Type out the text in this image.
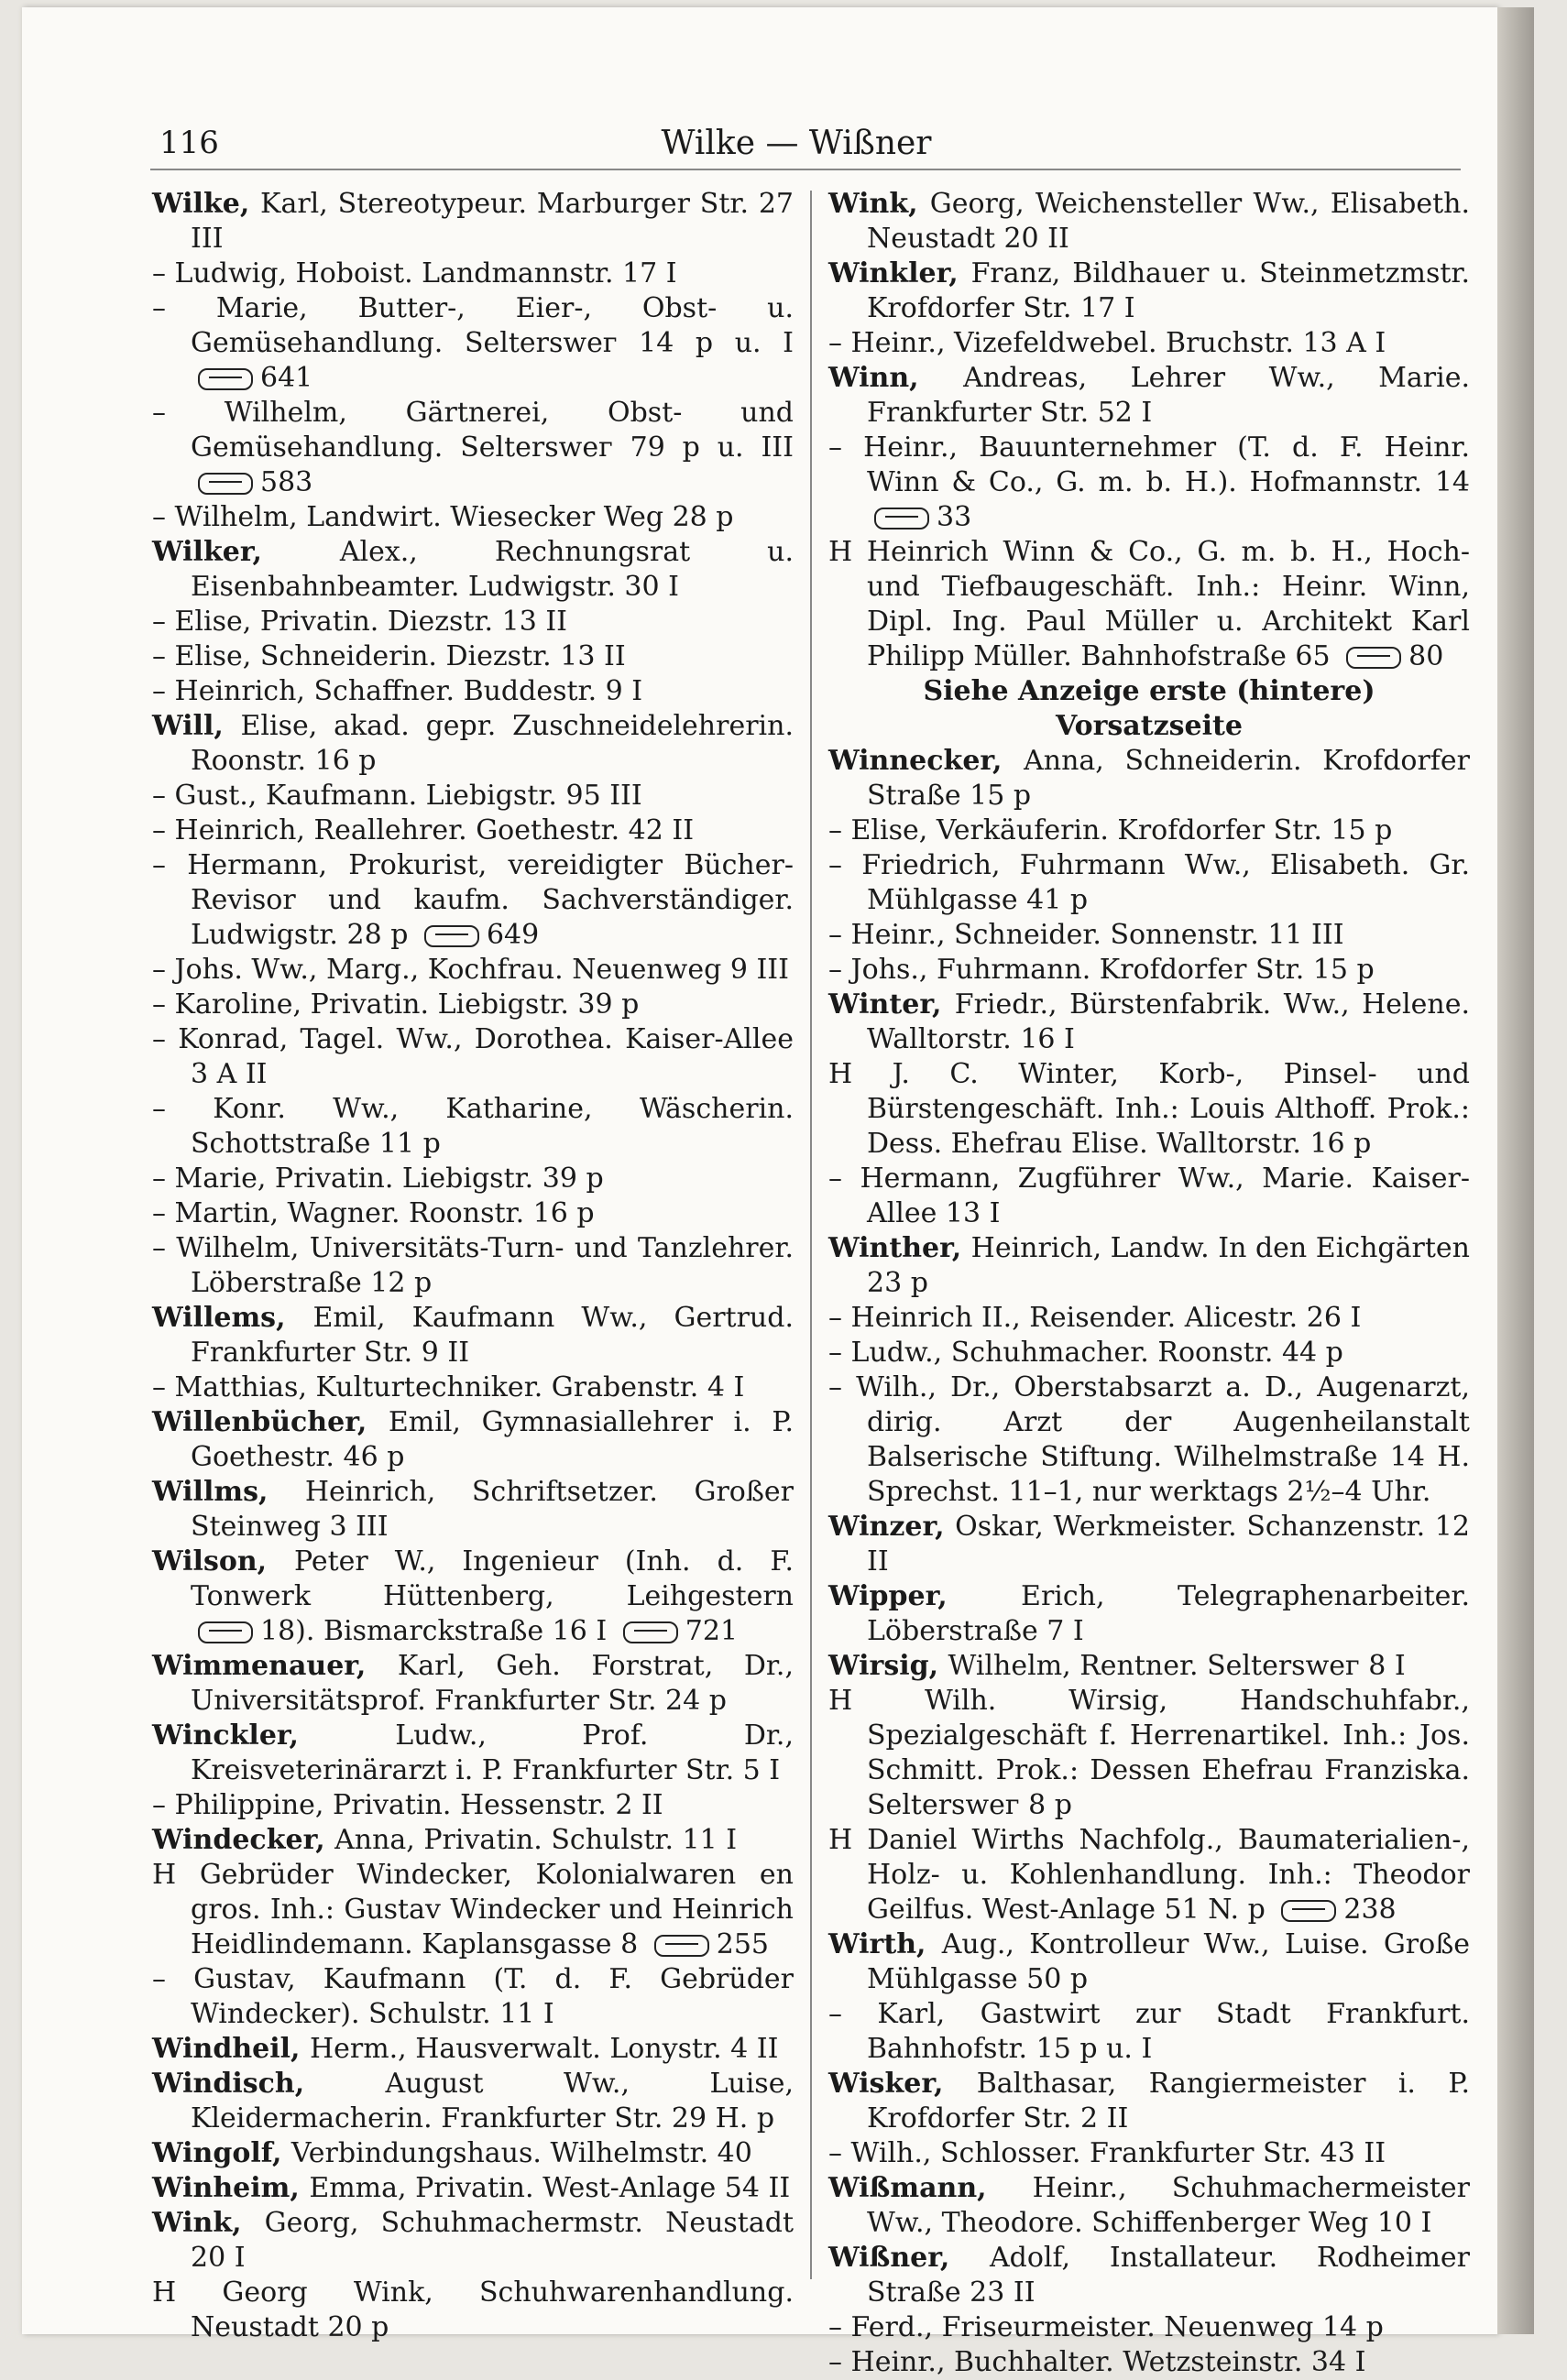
116	Wilke — Wißner

Wilke, Karl, Stereotypeur. Marburger Str. 27 III

– Ludwig, Hoboist. Landmannstr. 17 I

– Marie, Butter-, Eier-, Obst- u. Gemüsehandlung. Selterswег 14 p u. I 641

– Wilhelm, Gärtnerei, Obst- und Gemüsehandlung. Selterswег 79 p u. III 583

– Wilhelm, Landwirt. Wieseckеr Weg 28 p

Wilker, Alex., Rechnungsrat u. Eisenbahnbeamter. Ludwigstr. 30 I

– Elise, Privatin. Diezstr. 13 II

– Elise, Schneiderin. Diezstr. 13 II

– Heinrich, Schaffner. Buddestr. 9 I

Will, Elise, akad. gepr. Zuschneidelehrerin. Roonstr. 16 p

– Gust., Kaufmann. Liebigstr. 95 III

– Heinrich, Reallehrer. Goethestr. 42 II

– Hermann, Prokurist, vereidigter Bücher-Revisor und kaufm. Sachverständiger. Ludwigstr. 28 p	649

– Johs. Ww., Marg., Kochfrau. Neuenweg 9 III

– Karoline, Privatin. Liebigstr. 39 p

– Konrad, Tagel. Ww., Dorothea. Kaiser-Allee 3 A II

– Konr. Ww., Katharine, Wäscherin. Schottstraße 11 p

– Marie, Privatin. Liebigstr. 39 p

– Martin, Wagner. Roonstr. 16 p

– Wilhelm, Universitäts-Turn- und Tanzlehrer. Löberstraße 12 p

Willems, Emil, Kaufmann Ww., Gertrud. Frankfurter Str. 9 II

– Matthias, Kulturtechniker. Grabenstr. 4 I

Willenbücher, Emil, Gymnasiallehrer i. P. Goethestr. 46 p

Willms, Heinrich, Schriftsetzer. Großer Steinweg 3 III

Wilson, Peter W., Ingenieur (Inh. d. F. Tonwerk Hüttenberg, Leihgestern 18). Bismarckstraße 16 I	721

Wimmenauer, Karl, Geh. Forstrat, Dr., Universitätsprof. Frankfurter Str. 24 p

Winckler, Ludw., Prof. Dr., Kreisveterinärarzt i. P. Frankfurter Str. 5 I

– Philippine, Privatin. Hessenstr. 2 II

Windecker, Anna, Privatin. Schulstr. 11 I

H Gebrüder Windecker, Kolonialwaren en gros. Inh.: Gustav Windecker und Heinrich Heidlindemann. Kaplansgasse 8	255

– Gustav, Kaufmann (T. d. F. Gebrüder Windecker). Schulstr. 11 I

Windheil, Herm., Hausverwalt. Lonystr. 4 II

Windisch, August Ww., Luise, Kleidermacherin. Frankfurter Str. 29 H. p

Wingolf, Verbindungshaus. Wilhelmstr. 40

Winheim, Emma, Privatin. West-Anlage 54 II

Wink, Georg, Schuhmachermstr. Neustadt 20 I

H Georg Wink, Schuhwarenhandlung. Neustadt 20 p

Wink, Georg, Weichensteller Ww., Elisabeth. Neustadt 20 II

Winkler, Franz, Bildhauer u. Steinmetzmstr. Krofdorfer Str. 17 I

– Heinr., Vizefeldwebel. Bruchstr. 13 A I

Winn, Andreas, Lehrer Ww., Marie. Frankfurter Str. 52 I

– Heinr., Bauunternehmer (T. d. F. Heinr. Winn & Co., G. m. b. H.). Hofmannstr. 14 33

H Heinrich Winn & Co., G. m. b. H., Hoch- und Tiefbaugeschäft. Inh.: Heinr. Winn, Dipl. Ing. Paul Müller u. Architekt Karl Philipp Müller. Bahnhofstraße 65	80

Siehe Anzeige erste (hintere) Vorsatzseite

Winnecker, Anna, Schneiderin. Krofdorfer Straße 15 p

– Elise, Verkäuferin. Krofdorfer Str. 15 p

– Friedrich, Fuhrmann Ww., Elisabeth. Gr. Mühlgasse 41 p

– Heinr., Schneider. Sonnenstr. 11 III

– Johs., Fuhrmann. Krofdorfer Str. 15 p

Winter, Friedr., Bürstenfabrik. Ww., Helene. Walltorstr. 16 I

H J. C. Winter, Korb-, Pinsel- und Bürstengeschäft. Inh.: Louis Althoff. Prok.: Dess. Ehefrau Elise. Walltorstr. 16 p

– Hermann, Zugführer Ww., Marie. Kaiser-Allee 13 I

Winther, Heinrich, Landw. In den Eichgärten 23 p

– Heinrich II., Reisender. Alicestr. 26 I

– Ludw., Schuhmacher. Roonstr. 44 p

– Wilh., Dr., Oberstabsarzt a. D., Augenarzt, dirig. Arzt der Augenheilanstalt Balserische Stiftung. Wilhelmstraße 14 H. Sprechst. 11–1, nur werktags 2½–4 Uhr.

Winzer, Oskar, Werkmeister. Schanzenstr. 12 II

Wipper, Erich, Telegraphenarbeiter. Löberstraße 7 I

Wirsig, Wilhelm, Rentner. Selterswег 8 I

H Wilh. Wirsig, Handschuhfabr., Spezialgeschäft f. Herrenartikel. Inh.: Jos. Schmitt. Prok.: Dessen Ehefrau Franziska. Selterswег 8 p

H Daniel Wirths Nachfolg., Baumaterialien-, Holz- u. Kohlenhandlung. Inh.: Theodor Geilfus. West-Anlage 51 N. p	238

Wirth, Aug., Kontrolleur Ww., Luise. Große Mühlgasse 50 p

– Karl, Gastwirt zur Stadt Frankfurt. Bahnhofstr. 15 p u. I

Wisker, Balthasar, Rangiermeister i. P. Krofdorfer Str. 2 II

– Wilh., Schlosser. Frankfurter Str. 43 II

Wißmann, Heinr., Schuhmachermeister Ww., Theodore. Schiffenberger Weg 10 I

Wißner, Adolf, Installateur. Rodheimer Straße 23 II

– Ferd., Friseurmeister. Neuenweg 14 p

– Heinr., Buchhalter. Wetzsteinstr. 34 I
